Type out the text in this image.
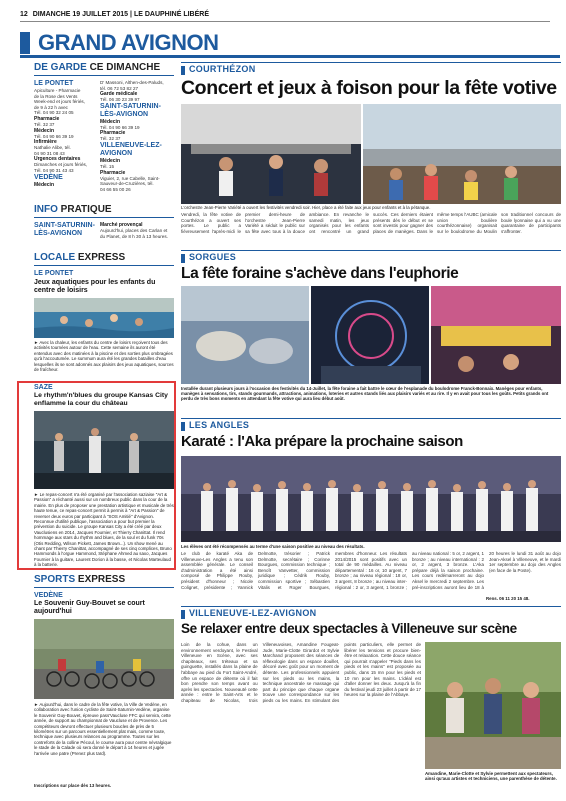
12 DIMANCHE 19 JUILLET 2015 | LE DAUPHINÉ LIBÉRÉ
GRAND AVIGNON
DE GARDE CE DIMANCHE
LE PONTET
Apiculture - Pharmacie
de la Rose des Vents
Week-end et jours fériés,
de 9 à 22 h avec
Tél. 04 90 32 24 05
Pharmacie
Tél. 32 37
Médecin
Tél. 04 90 66 39 19
Infirmière
Nathalie Alibe, tél.
04 90 31 08 43
Urgences dentaires
Dimanches et jours fériés,
Tél. 04 90 31 43 43
VEDÈNE
Médecin
D' Massoni, Althen-des-Paluds,
tél. 06 72 53 82 27
Garde médicale
Tél. 06 30 23 39 97
SAINT-SATURNIN-LÈS-AVIGNON
Médecin
Tél. 04 90 66 39 19
Pharmacie
Tél. 32 37
VILLENEUVE-LEZ-AVIGNON
Médecin
Tél. 15
Pharmacie
Viguier, 2, rue Cabelle, Saint-
Sauveur-de-Cruzières, tél.
04 66 55 00 26
INFO PRATIQUE
SAINT-SATURNIN-LÈS-AVIGNON
Marché provençal
Aujourd'hui, places des Carlan et
du Planet, de 8 h 30 à 13 heures.
LOCALE EXPRESS
LE PONTET
Jeux aquatiques pour les enfants du centre de loisirs
► Avec la chaleur, les enfants du centre de loisirs reçoivent tous des activités tournées autour de l'eau. Cette semaine ils auront été entendus avec des matinées à la piscine et des sorties plus ombragées qu'à l'accoutumée. Le summum aura été les grandes batailles d'eau lesquelles ils se sont adonnés aux plaisirs des jeux aquatiques, sources de fraîcheur.
SAZE
Le rhythm'n'blues du groupe Kansas City enflamme la cour du château
► Le repas-concert n'a été organisé par l'association saziaise "Art & Passion" a réchanté aussi sur un nombreux public dans la cour de la mairie. En plus de proposer une prestation artistique et musicale de très haute tenue, ce repas-concert permit à permis à "Art & Passion" de reverser deux euros par participant à "SOS Amitié" d'Avignon. Reconnue d'utilité publique, l'association a pour but premier la prévention du suicide. Le groupe Kansas City a été créé par deux Vauclusiens en 2014, Jacques Fournier, et Thierry Chanittat. Il rend hommage aux stars du rhythm and blues, de la soul et du funk 70s (Otis Redding, Wilson Pickett, James Brown...). Un show mené au chant par Thierry Chanittat, accompagné de ses cinq complices, Bruno Hammonds à l'orgue Hammond, Stéphane Ahmed au saxo, Jacques Fournier à la guitare, Laurent Dorion à la basse, et Nicolas Marteulaud à la batterie.
SPORTS EXPRESS
VEDÈNE
Le Souvenir Guy-Bouvet se court aujourd'hui
► Aujourd'hui, dans le cadre de la fête votive, la Ville de Vedène, en collaboration avec l'union cycliste de Saint-Saturnin-Vedène, organise le Souvenir Guy-Bouvet, épreuve pass'Vaucluse FFC qui servira, cette année, de support au championnat de Vaucluse et de Provence. Les compétiteurs devront effectuer plusieurs boucles de près de 5 kilomètres sur un parcours essentiellement plat mais, comme toute, technique avec plusieurs relances au programme. Toutes sur les contreforts de la colline Pécoul, le course aura pour centre névralgique le stade de la Calade où sera donné le départ à 14 heures et jugée l'arrivée une patre (Prenez plus tard).
Inscriptions sur place dès 13 heures.
COURTHÉZON
Concert et jeux à foison pour la fête votive
L'orchestre Jean-Pierre Variété a ouvert les festivités vendredi soir. Hier, place a été faite aux jeux pour enfants et à la pétanque.
Vendredi, la fête votive de Courthézon a ouvert ses portes. Le public a fiévreusement l'après-midi le premier demi-heure de l'orchestre Jean-Pierre Variété a séduit le public sur sa fête avec tous à la douce ambiance. En revanche le samedi matin, les jeux organisés pour les enfants ont rencontré un grand succès. Ces derniers étaient présents dès le début et se sont investis pour gagner des places de manèges. Dans le même temps l'AUBC (amicale union boulière courthézonnaise) organisait sur le boulodrome du Moulin son traditionnel concours de boule lyonnaise qui a vu une quarantaine de participants s'affronter.
SORGUES
La fête foraine s'achève dans l'euphorie
Installée durant plusieurs jours à l'occasion des festivités du 14-Juillet, la fête foraine a fait battre le cœur de l'esplanade du boulodrome Franck-Bonnaix. Manèges pour enfants, manèges à sensations, tirs, stands gourmands, attractions, animations, loteries et autres stands liés aux plaisirs variés et au rire. Il y en avait pour tous les goûts. Petits grands ont perdu de très bons moments en attendant la fête votive qui aura lieu début août.
LES ANGLES
Karaté : l'Aka prépare la prochaine saison
Les élèves ont été récompensés au terme d'une saison positive au niveau des résultats.
Le club de karaté Aka de Villeneuve-Les Angles a tenu son assemblée générale. Le conseil d'administration a été ainsi composé de Philippe Rouby, président d'honneur ; Nicole Colignet, présidente ; Yannick Delmotte, trésorier ; Patrick Delmotte, secrétaire ; Corinne Bourgues, commission technique ; Benoît Vanvetter, commission juridique ; Cédrik Rouby, commission sportive ; Sébastien Vitalis et Roger Bourgues, membres d'honneur. Les résultats 2014/2015 sont positifs avec un total de 90 médailles. Au niveau départemental : 16 or, 10 argent, 7 bronze ; au niveau régional : 18 or, 3 argent, 8 bronze ; au niveau inter-régional : 2 or, 3 argent, 1 bronze ; au niveau national : 5 or, 2 argent, 1 bronze ; au niveau international : 2 or, 2 argent, 3 bronze. L'Aka prépare déjà la saison prochaine. Les cours redémarreront au dojo Aksel le mercredi 2 septembre. Les pré-inscriptions auront lieu de 18 à 20 heures le lundi 31 août au dojo Jean-Aksel à Villeneuve, et le mardi 1er septembre au dojo des Angles (en face de la Poste).
Rens. 06 11 20 15 48.
VILLENEUVE-LEZ-AVIGNON
Se relaxer entre deux spectacles à Villeneuve sur scène
Loin de la cohue, dans un environnement verdoyant, le Festival Villeneuve en Scène, avec ses chapiteaux, ses tréteaux et sa guinguette, installés dans la plaine de l'abbaye au pied du Fort Saint-André, offre un espace de détente où il fait bon prendre son temps avant ou après les spectacles. Nouveauté cette année : entre le Saint-Arts et le chapiteau de Nicolas, trois Villeneuvoises, Amandine Fougeat-Jude, Marie-Clotte Girardot et Sylvie Marchand proposent des séances de réflexologie dans un espace douillet, décoré avec goût pour un moment de détente. Les professionnels appuient sur les pieds ou les mains, la technique ancestrale se massage qui part du principe que chaque organe trouve une correspondance sur les pieds ou les mains. En stimulant des points particuliers, elle permet de libérer les tensions et procure bien-être et relaxation. Cette douce séance qui pourrait s'appeler "Pieds dans les pieds et les mains" est proposée au public, dans 15 mn pour les pieds et 10 mn pour les mains. L'idéal est d'aller donner les deux. Jusqu'à la fin du festival jeudi 23 juillet à partir de 17 heures sur la plaine de l'Abbaye.
Amandine, Marie-Clotte et Sylvie permettent aux spectateurs, ainsi qu'aux artistes et techniciens, une parenthèse de détente.
